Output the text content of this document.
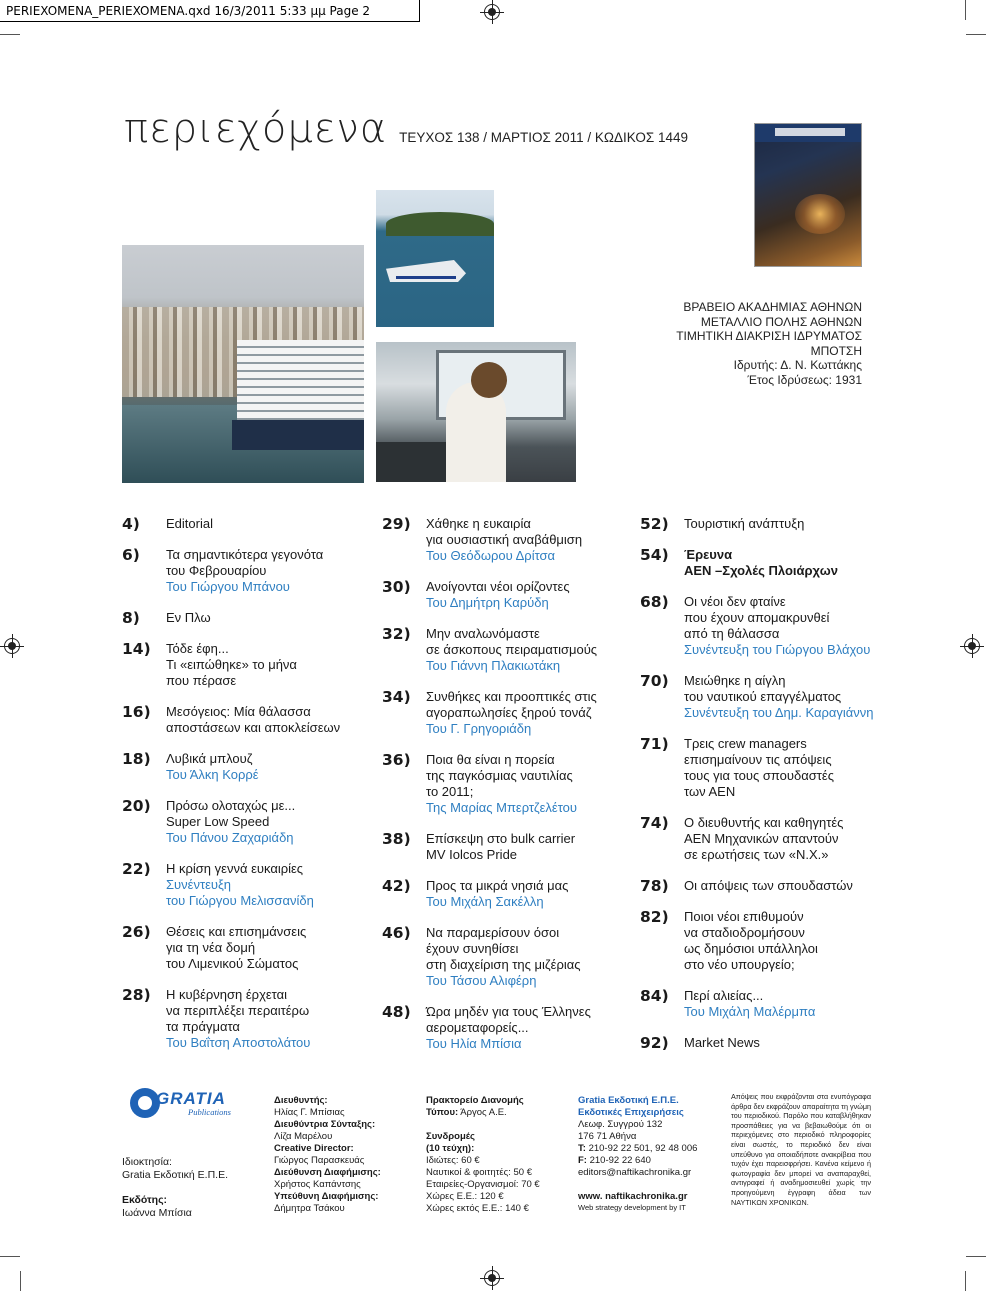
PERIEXOMENA_PERIEXOMENA.qxd 16/3/2011 5:33 μμ Page 2
περιεχόμενα ΤΕΥΧΟΣ 138 / ΜΑΡΤΙΟΣ 2011 / ΚΩΔΙΚΟΣ 1449
ΒΡΑΒΕΙΟ ΑΚΑΔΗΜΙΑΣ ΑΘΗΝΩΝ
ΜΕΤΑΛΛΙΟ ΠΟΛΗΣ ΑΘΗΝΩΝ
ΤΙΜΗΤΙΚΗ ΔΙΑΚΡΙΣΗ ΙΔΡΥΜΑΤΟΣ
ΜΠΟΤΣΗ
Ιδρυτής: Δ. Ν. Κωττάκης
Έτος Ιδρύσεως: 1931
4)	Editorial
6)	Τα σημαντικότερα γεγονότα
του Φεβρουαρίου
Του Γιώργου Μπάνου
8)	Εν Πλω
14)	Τόδε έφη...
Τι «ειπώθηκε» το μήνα
που πέρασε
16)	Μεσόγειος: Μία θάλασσα
αποστάσεων και αποκλείσεων
18)	Λυβικά μπλουζ
Του Άλκη Κορρέ
20)	Πρόσω ολοταχώς με...
Super Low Speed
Του Πάνου Ζαχαριάδη
22)	Η κρίση γεννά ευκαιρίες
Συνέντευξη
του Γιώργου Μελισσανίδη
26)	Θέσεις και επισημάνσεις
για τη νέα δομή
του Λιμενικού Σώματος
28)	Η κυβέρνηση έρχεται
να περιπλέξει περαιτέρω
τα πράγματα
Του Βαΐτση Αποστολάτου
29)	Χάθηκε η ευκαιρία
για ουσιαστική αναβάθμιση
Του Θεόδωρου Δρίτσα
30)	Ανοίγονται νέοι ορίζοντες
Του Δημήτρη Καρύδη
32)	Μην αναλωνόμαστε
σε άσκοπους πειραματισμούς
Του Γιάννη Πλακιωτάκη
34)	Συνθήκες και προοπτικές στις
αγοραπωλησίες ξηρού τονάζ
Του Γ. Γρηγοριάδη
36)	Ποια θα είναι η πορεία
της παγκόσμιας ναυτιλίας
το 2011;
Της Μαρίας Μπερτζελέτου
38)	Επίσκεψη στο bulk carrier
MV Iolcos Pride
42)	Προς τα μικρά νησιά μας
Του Μιχάλη Σακέλλη
46)	Να παραμερίσουν όσοι
έχουν συνηθίσει
στη διαχείριση της μιζέριας
Του Τάσου Αλιφέρη
48)	Ώρα μηδέν για τους Έλληνες
αερομεταφορείς...
Του Ηλία Μπίσια
52)	Τουριστική ανάπτυξη
54)	Έρευνα
ΑΕΝ –Σχολές Πλοιάρχων
68)	Οι νέοι δεν φταίνε
που έχουν απομακρυνθεί
από τη θάλασσα
Συνέντευξη του Γιώργου Βλάχου
70)	Μειώθηκε η αίγλη
του ναυτικού επαγγέλματος
Συνέντευξη του Δημ. Καραγιάννη
71)	Τρεις crew managers
επισημαίνουν τις απόψεις
τους για τους σπουδαστές
των ΑΕΝ
74)	Ο διευθυντής και καθηγητές
ΑΕΝ Μηχανικών απαντούν
σε ερωτήσεις των «Ν.Χ.»
78)	Οι απόψεις των σπουδαστών
82)	Ποιοι νέοι επιθυμούν
να σταδιοδρομήσουν
ως δημόσιοι υπάλληλοι
στο νέο υπουργείο;
84)	Περί αλιείας...
Του Μιχάλη Μαλέρμπα
92)	Market News
GRATIA
Publications
Ιδιοκτησία:
Gratia Εκδοτική Ε.Π.Ε.
Εκδότης:
Ιωάννα Μπίσια
Διευθυντής:
Ηλίας Γ. Μπίσιας
Διευθύντρια Σύνταξης:
Λίζα Μαρέλου
Creative Director:
Γιώργος Παρασκευάς
Διεύθυνση Διαφήμισης:
Χρήστος Καπάντσης
Υπεύθυνη Διαφήμισης:
Δήμητρα Τσάκου
Πρακτορείο Διανομής
Τύπου: Άργος Α.Ε.
Συνδρομές
(10 τεύχη):
Ιδιώτες: 60 €
Ναυτικοί & φοιτητές: 50 €
Εταιρείες-Οργανισμοί: 70 €
Χώρες Ε.Ε.: 120 €
Χώρες εκτός Ε.Ε.: 140 €
Gratia Εκδοτική Ε.Π.Ε.
Εκδοτικές Επιχειρήσεις
Λεωφ. Συγγρού 132
176 71 Αθήνα
T: 210-92 22 501, 92 48 006
F: 210-92 22 640
editors@naftikachronika.gr
www. naftikachronika.gr
Web strategy development by IT
Απόψεις που εκφράζονται στα ενυπόγραφα άρθρα δεν εκφράζουν απαραίτητα τη γνώμη του περιοδικού. Παρόλο που καταβλήθηκαν προσπάθειες για να βεβαιωθούμε ότι οι περιεχόμενες στο περιοδικό πληροφορίες είναι σωστές, το περιοδικό δεν είναι υπεύθυνο για οποιαδήποτε ανακρίβεια που τυχόν έχει παρεισφρήσει. Κανένα κείμενο ή φωτογραφία δεν μπορεί να αναπαραχθεί, αντιγραφεί ή αναδημοσιευθεί χωρίς την προηγούμενη έγγραφη άδεια των ΝΑΥΤΙΚΩΝ ΧΡΟΝΙΚΩΝ.
